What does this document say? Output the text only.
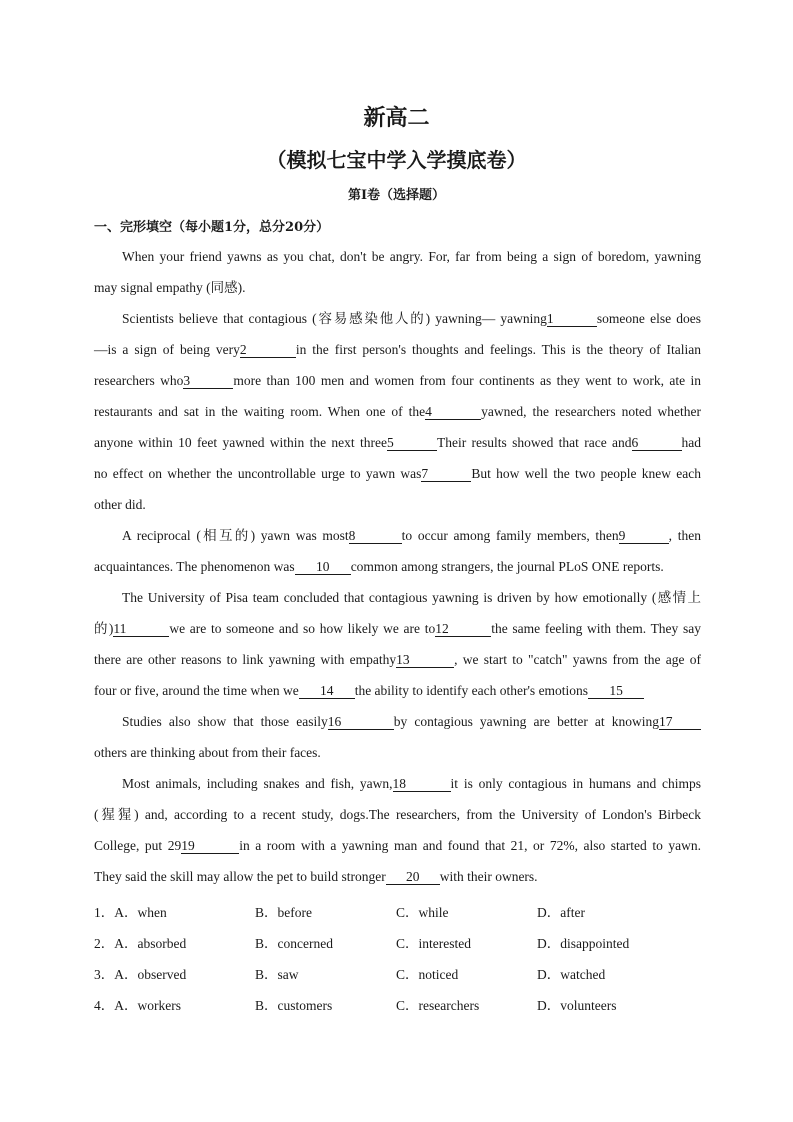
新高二
（模拟七宝中学入学摸底卷）
第I卷（选择题）
一、完形填空（每小题1分，总分20分）
When your friend yawns as you chat, don't be angry. For, far from being a sign of boredom, yawning
may signal empathy (同感).
Scientists believe that contagious (容易感染他人的) yawning— yawning1	someone else does
—is a sign of being very2	in the first person's thoughts and feelings. This is the theory of Italian
researchers who3	more than 100 men and women from four continents as they went to work, ate in
restaurants and sat in the waiting room. When one of the4	yawned, the researchers noted whether
anyone within 10 feet yawned within the next three5	Their results showed that race and6	had
no effect on whether the uncontrollable urge to yawn was7	But how well the two people knew each
other did.
A reciprocal (相互的) yawn was most8	to occur among family members, then9	, then
acquaintances. The phenomenon was 10 common among strangers, the journal PLoS ONE reports.
The University of Pisa team concluded that contagious yawning is driven by how emotionally (感情上
的)11	we are to someone and so how likely we are to12	the same feeling with them. They say
there are other reasons to link yawning with empathy13	, we start to "catch" yawns from the age of
four or five, around the time when we 14 the ability to identify each other's emotions 15
Studies also show that those easily16	by contagious yawning are better at knowing17
others are thinking about from their faces.
Most animals, including snakes and fish, yawn,18	it is only contagious in humans and chimps
(猩猩) and, according to a recent study, dogs.The researchers, from the University of London's Birbeck
College, put 2919	in a room with a yawning man and found that 21, or 72%, also started to yawn.
They said the skill may allow the pet to build stronger 20 with their owners.
1．A．when	B．before	C．while	D．after
2．A．absorbed	B．concerned	C．interested	D．disappointed
3．A．observed	B．saw	C．noticed	D．watched
4．A．workers	B．customers	C．researchers	D．volunteers
